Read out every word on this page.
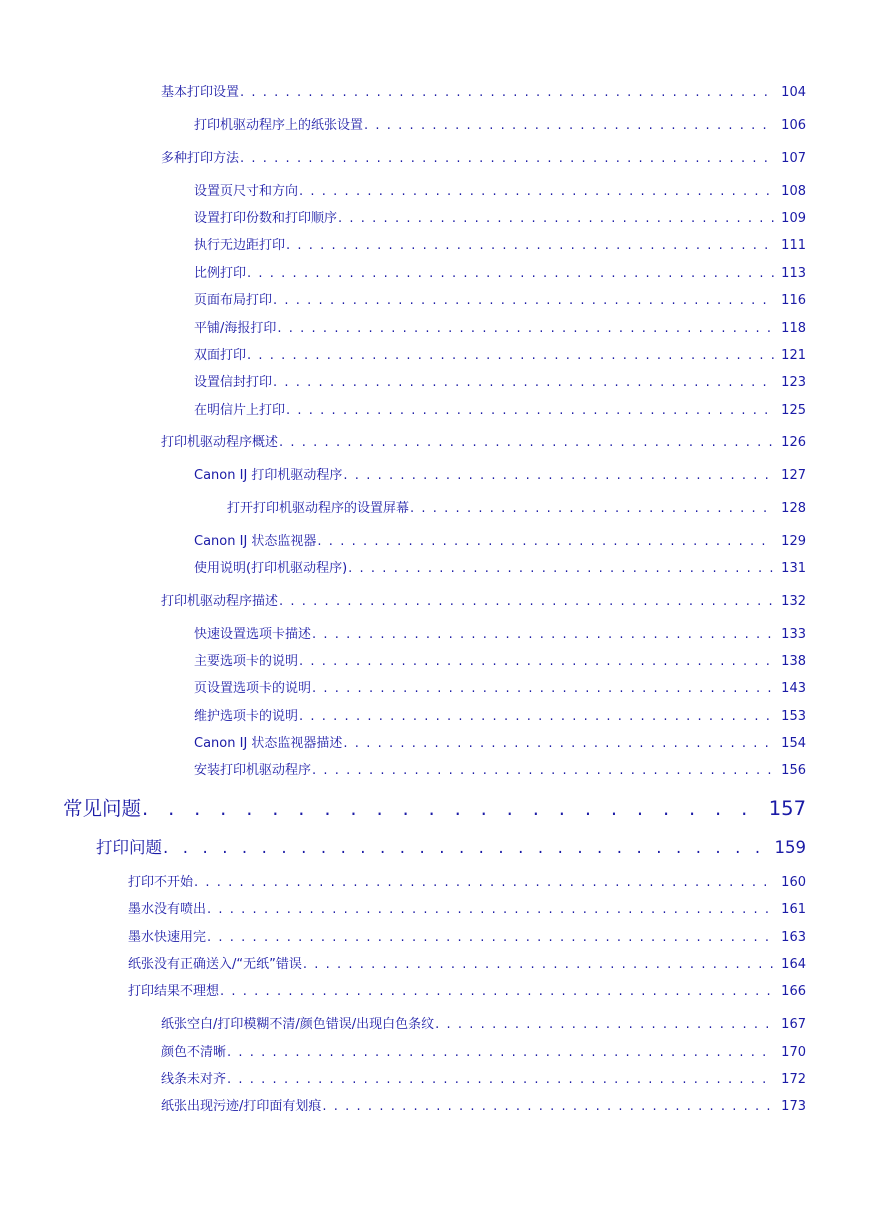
基本打印设置 . . .	104
打印机驱动程序上的纸张设置 . . .	106
多种打印方法 . . .	107
设置页尺寸和方向 . . .	108
设置打印份数和打印顺序 . . .	109
执行无边距打印 . . .	111
比例打印 . . .	113
页面布局打印 . . .	116
平铺/海报打印 . . .	118
双面打印 . . .	121
设置信封打印 . . .	123
在明信片上打印 . . .	125
打印机驱动程序概述 . . .	126
Canon IJ 打印机驱动程序 . . .	127
打开打印机驱动程序的设置屏幕 . . .	128
Canon IJ 状态监视器 . . .	129
使用说明(打印机驱动程序) . . .	131
打印机驱动程序描述 . . .	132
快速设置选项卡描述 . . .	133
主要选项卡的说明 . . .	138
页设置选项卡的说明 . . .	143
维护选项卡的说明 . . .	153
Canon IJ 状态监视器描述 . . .	154
安装打印机驱动程序 . . .	156
常见问题 . . .	157
打印问题 . . .	159
打印不开始 . . .	160
墨水没有喷出 . . .	161
墨水快速用完 . . .	163
纸张没有正确送入/“无纸”错误 . . .	164
打印结果不理想 . . .	166
纸张空白/打印模糊不清/颜色错误/出现白色条纹 . . .	167
颜色不清晰 . . .	170
线条未对齐 . . .	172
纸张出现污迹/打印面有划痕 . . .	173
